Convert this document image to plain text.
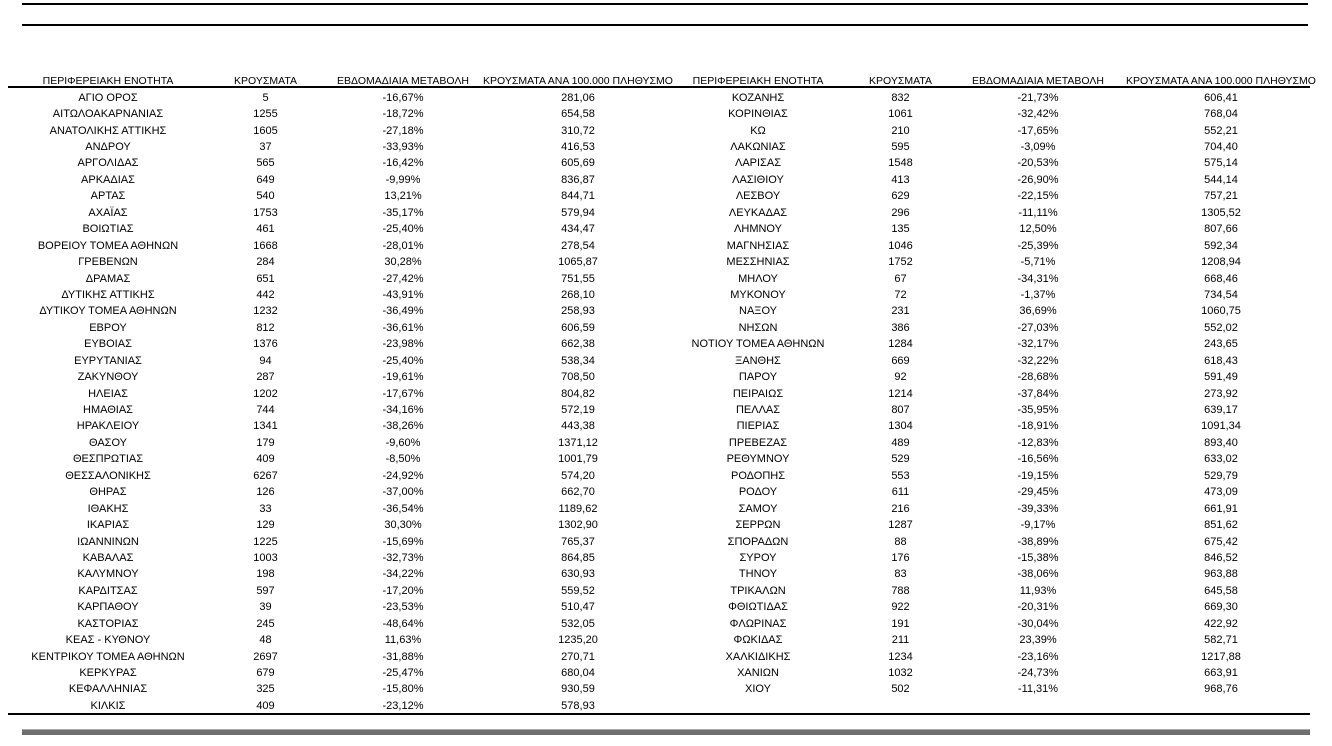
ΠΕΡΙΦΕΡΕΙΑΚΗ ΕΝΟΤΗΤΑ	ΚΡΟΥΣΜΑΤΑ	ΕΒΔΟΜΑΔΙΑΙΑ ΜΕΤΑΒΟΛΗ	ΚΡΟΥΣΜΑΤΑ ΑΝΑ 100.000 ΠΛΗΘΥΣΜΟ
ΑΓΙΟ ΟΡΟΣ	5	-16,67%	281,06
ΑΙΤΩΛΟΑΚΑΡΝΑΝΙΑΣ	1255	-18,72%	654,58
ΑΝΑΤΟΛΙΚΗΣ ΑΤΤΙΚΗΣ	1605	-27,18%	310,72
ΑΝΔΡΟΥ	37	-33,93%	416,53
ΑΡΓΟΛΙΔΑΣ	565	-16,42%	605,69
ΑΡΚΑΔΙΑΣ	649	-9,99%	836,87
ΑΡΤΑΣ	540	13,21%	844,71
ΑΧΑΪΑΣ	1753	-35,17%	579,94
ΒΟΙΩΤΙΑΣ	461	-25,40%	434,47
ΒΟΡΕΙΟΥ ΤΟΜΕΑ ΑΘΗΝΩΝ	1668	-28,01%	278,54
ΓΡΕΒΕΝΩΝ	284	30,28%	1065,87
ΔΡΑΜΑΣ	651	-27,42%	751,55
ΔΥΤΙΚΗΣ ΑΤΤΙΚΗΣ	442	-43,91%	268,10
ΔΥΤΙΚΟΥ ΤΟΜΕΑ ΑΘΗΝΩΝ	1232	-36,49%	258,93
ΕΒΡΟΥ	812	-36,61%	606,59
ΕΥΒΟΙΑΣ	1376	-23,98%	662,38
ΕΥΡΥΤΑΝΙΑΣ	94	-25,40%	538,34
ΖΑΚΥΝΘΟΥ	287	-19,61%	708,50
ΗΛΕΙΑΣ	1202	-17,67%	804,82
ΗΜΑΘΙΑΣ	744	-34,16%	572,19
ΗΡΑΚΛΕΙΟΥ	1341	-38,26%	443,38
ΘΑΣΟΥ	179	-9,60%	1371,12
ΘΕΣΠΡΩΤΙΑΣ	409	-8,50%	1001,79
ΘΕΣΣΑΛΟΝΙΚΗΣ	6267	-24,92%	574,20
ΘΗΡΑΣ	126	-37,00%	662,70
ΙΘΑΚΗΣ	33	-36,54%	1189,62
ΙΚΑΡΙΑΣ	129	30,30%	1302,90
ΙΩΑΝΝΙΝΩΝ	1225	-15,69%	765,37
ΚΑΒΑΛΑΣ	1003	-32,73%	864,85
ΚΑΛΥΜΝΟΥ	198	-34,22%	630,93
ΚΑΡΔΙΤΣΑΣ	597	-17,20%	559,52
ΚΑΡΠΑΘΟΥ	39	-23,53%	510,47
ΚΑΣΤΟΡΙΑΣ	245	-48,64%	532,05
ΚΕΑΣ - ΚΥΘΝΟΥ	48	11,63%	1235,20
ΚΕΝΤΡΙΚΟΥ ΤΟΜΕΑ ΑΘΗΝΩΝ	2697	-31,88%	270,71
ΚΕΡΚΥΡΑΣ	679	-25,47%	680,04
ΚΕΦΑΛΛΗΝΙΑΣ	325	-15,80%	930,59
ΚΙΛΚΙΣ	409	-23,12%	578,93
ΠΕΡΙΦΕΡΕΙΑΚΗ ΕΝΟΤΗΤΑ	ΚΡΟΥΣΜΑΤΑ	ΕΒΔΟΜΑΔΙΑΙΑ ΜΕΤΑΒΟΛΗ	ΚΡΟΥΣΜΑΤΑ ΑΝΑ 100.000 ΠΛΗΘΥΣΜΟ
ΚΟΖΑΝΗΣ	832	-21,73%	606,41
ΚΟΡΙΝΘΙΑΣ	1061	-32,42%	768,04
ΚΩ	210	-17,65%	552,21
ΛΑΚΩΝΙΑΣ	595	-3,09%	704,40
ΛΑΡΙΣΑΣ	1548	-20,53%	575,14
ΛΑΣΙΘΙΟΥ	413	-26,90%	544,14
ΛΕΣΒΟΥ	629	-22,15%	757,21
ΛΕΥΚΑΔΑΣ	296	-11,11%	1305,52
ΛΗΜΝΟΥ	135	12,50%	807,66
ΜΑΓΝΗΣΙΑΣ	1046	-25,39%	592,34
ΜΕΣΣΗΝΙΑΣ	1752	-5,71%	1208,94
ΜΗΛΟΥ	67	-34,31%	668,46
ΜΥΚΟΝΟΥ	72	-1,37%	734,54
ΝΑΞΟΥ	231	36,69%	1060,75
ΝΗΣΩΝ	386	-27,03%	552,02
ΝΟΤΙΟΥ ΤΟΜΕΑ ΑΘΗΝΩΝ	1284	-32,17%	243,65
ΞΑΝΘΗΣ	669	-32,22%	618,43
ΠΑΡΟΥ	92	-28,68%	591,49
ΠΕΙΡΑΙΩΣ	1214	-37,84%	273,92
ΠΕΛΛΑΣ	807	-35,95%	639,17
ΠΙΕΡΙΑΣ	1304	-18,91%	1091,34
ΠΡΕΒΕΖΑΣ	489	-12,83%	893,40
ΡΕΘΥΜΝΟΥ	529	-16,56%	633,02
ΡΟΔΟΠΗΣ	553	-19,15%	529,79
ΡΟΔΟΥ	611	-29,45%	473,09
ΣΑΜΟΥ	216	-39,33%	661,91
ΣΕΡΡΩΝ	1287	-9,17%	851,62
ΣΠΟΡΑΔΩΝ	88	-38,89%	675,42
ΣΥΡΟΥ	176	-15,38%	846,52
ΤΗΝΟΥ	83	-38,06%	963,88
ΤΡΙΚΑΛΩΝ	788	11,93%	645,58
ΦΘΙΩΤΙΔΑΣ	922	-20,31%	669,30
ΦΛΩΡΙΝΑΣ	191	-30,04%	422,92
ΦΩΚΙΔΑΣ	211	23,39%	582,71
ΧΑΛΚΙΔΙΚΗΣ	1234	-23,16%	1217,88
ΧΑΝΙΩΝ	1032	-24,73%	663,91
ΧΙΟΥ	502	-11,31%	968,76
